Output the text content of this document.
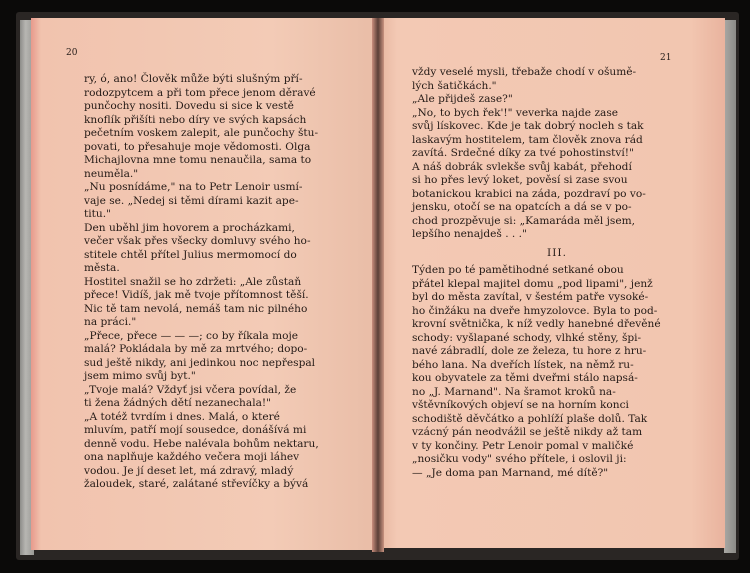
20	21

ry, ó, ano! Člověk může býti slušným pří-

rodozpytcem a při tom přece jenom děravé

punčochy nositi. Dovedu si sice k vestě

knoflík přišíti nebo díry ve svých kapsách

pečetním voskem zalepit, ale punčochy štu-

povati, to přesahuje moje vědomosti. Olga

Michajlovna mne tomu nenaučila, sama to

neuměla."

„Nu posnídáme," na to Petr Lenoir usmí-

vaje se. „Nedej si těmi dírami kazit ape-

titu."

Den uběhl jim hovorem a procházkami,

večer však přes všecky domluvy svého ho-

stitele chtěl přítel Julius mermomocí do

města.

Hostitel snažil se ho zdržeti: „Ale zůstaň

přece! Vidíš, jak mě tvoje přítomnost těší.

Nic tě tam nevolá, nemáš tam nic pilného

na práci."

„Přece, přece — — —; co by říkala moje

malá? Pokládala by mě za mrtvého; dopo-

sud ještě nikdy, ani jedinkou noc nepřespal

jsem mimo svůj byt."

„Tvoje malá? Vždyť jsi včera povídal, že

ti žena žádných dětí nezanechala!"

„A totéž tvrdím i dnes. Malá, o které

mluvím, patří mojí sousedce, donášívá mi

denně vodu. Hebe nalévala bohům nektaru,

ona naplňuje každého večera moji láhev

vodou. Je jí deset let, má zdravý, mladý

žaloudek, staré, zalátané střevíčky a bývá

vždy veselé mysli, třebaže chodí v ošumě-

lých šatičkách."

„Ale přijdeš zase?"

„No, to bych řek'!" veverka najde zase

svůj lískovec. Kde je tak dobrý nocleh s tak

laskavým hostitelem, tam člověk znova rád

zavítá. Srdečné díky za tvé pohostinství!"

A náš dobrák svlekše svůj kabát, přehodí

si ho přes levý loket, pověsí si zase svou

botanickou krabici na záda, pozdraví po vo-

jensku, otočí se na opatcích a dá se v po-

chod prozpěvuje si: „Kamaráda měl jsem,

lepšího nenajdeš . . ."

III.

Týden po té pamětihodné setkané obou

přátel klepal majitel domu „pod lipami", jenž

byl do města zavítal, v šestém patře vysoké-

ho činžáku na dveře hmyzolovce. Byla to pod-

krovní světnička, k níž vedly hanebné dřevěné

schody: vyšlapané schody, vlhké stěny, špi-

navé zábradlí, dole ze železa, tu hore z hru-

bého lana. Na dveřích lístek, na němž ru-

kou obyvatele za těmi dveřmi stálo napsá-

no „J. Marnand". Na šramot kroků na-

vštěvníkových objeví se na horním konci

schodiště děvčátko a pohlíží plaše dolů. Tak

vzácný pán neodvážil se ještě nikdy až tam

v ty končiny. Petr Lenoir pomal v maličké

„nosičku vody" svého přítele, i oslovil ji:

— „Je doma pan Marnand, mé dítě?"
